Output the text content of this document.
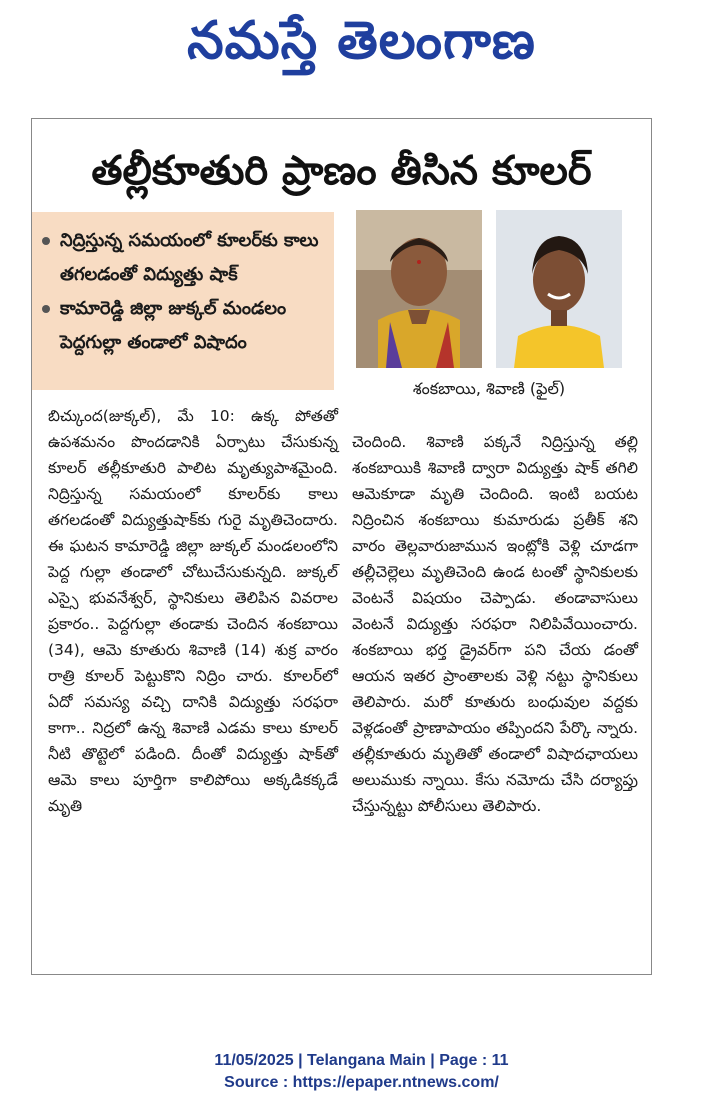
నమస్తే తెలంగాణ
తల్లీకూతురి ప్రాణం తీసిన కూలర్
నిద్రిస్తున్న సమయంలో కూలర్‌కు కాలు తగలడంతో విద్యుత్తు షాక్
కామారెడ్డి జిల్లా జుక్కల్ మండలం పెద్దగుల్లా తండాలో విషాదం
శంకబాయి, శివాణి (ఫైల్)
బిచ్కుంద(జుక్కల్), మే 10: ఉక్క పోతతో ఉపశమనం పొందడానికి ఏర్పాటు చేసుకున్న కూలర్ తల్లీకూతురి పాలిట మృత్యుపాశమైంది. నిద్రిస్తున్న సమయంలో కూలర్‌కు కాలు తగలడంతో విద్యుత్తుషాక్‌కు గురై మృతిచెందారు. ఈ ఘటన కామారెడ్డి జిల్లా జుక్కల్ మండలంలోని పెద్ద గుల్లా తండాలో చోటుచేసుకున్నది. జుక్కల్ ఎస్సై భువనేశ్వర్, స్థానికులు తెలిపిన వివరాల ప్రకారం.. పెద్దగుల్లా తండాకు చెందిన శంకబాయి (34), ఆమె కూతురు శివాణి (14) శుక్ర వారం రాత్రి కూలర్ పెట్టుకొని నిద్రిం చారు. కూలర్‌లో ఏదో సమస్య వచ్చి దానికి విద్యుత్తు సరఫరా కాగా.. నిద్రలో ఉన్న శివాణి ఎడమ కాలు కూలర్ నీటి తొట్టెలో పడింది. దీంతో విద్యుత్తు షాక్‌తో ఆమె కాలు పూర్తిగా కాలిపోయి అక్కడికక్కడే మృతి
చెందింది. శివాణి పక్కనే నిద్రిస్తున్న తల్లి శంకబాయికి శివాణి ద్వారా విద్యుత్తు షాక్ తగిలి ఆమెకూడా మృతి చెందింది. ఇంటి బయట నిద్రించిన శంకబాయి కుమారుడు ప్రతీక్ శని వారం తెల్లవారుజామున ఇంట్లోకి వెళ్లి చూడగా తల్లీచెల్లెలు మృతిచెంది ఉండ టంతో స్థానికులకు వెంటనే విషయం చెప్పాడు. తండావాసులు వెంటనే విద్యుత్తు సరఫరా నిలిపివేయించారు. శంకబాయి భర్త డ్రైవర్‌గా పని చేయ డంతో ఆయన ఇతర ప్రాంతాలకు వెళ్లి నట్టు స్థానికులు తెలిపారు. మరో కూతురు బంధువుల వద్దకు వెళ్లడంతో ప్రాణాపాయం తప్పిందని పేర్కొ న్నారు. తల్లీకూతురు మృతితో తండాలో విషాదఛాయలు అలుముకు న్నాయి. కేసు నమోదు చేసి దర్యాప్తు చేస్తున్నట్టు పోలీసులు తెలిపారు.
11/05/2025 | Telangana Main | Page : 11
Source : https://epaper.ntnews.com/
